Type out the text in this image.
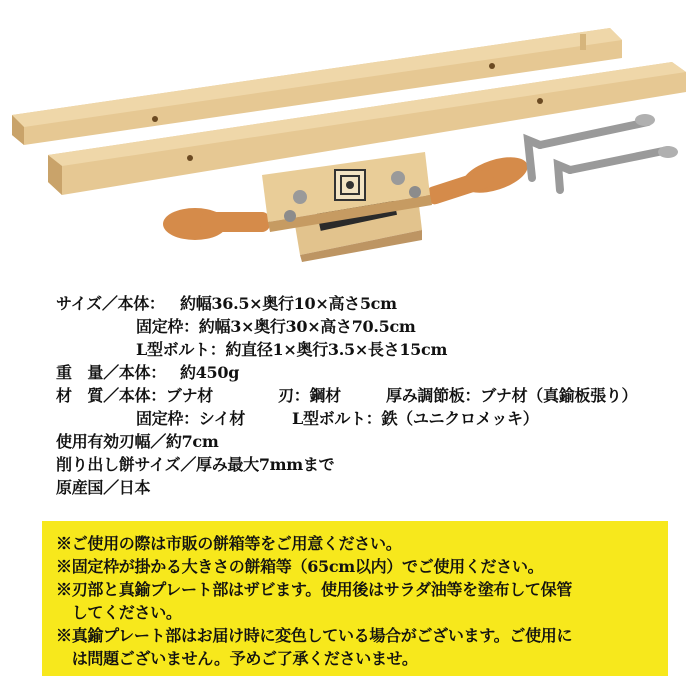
サイズ／本体： 約幅36.5×奥行10×高さ5cm
固定枠：約幅3×奥行30×高さ70.5cm
L型ボルト：約直径1×奥行3.5×長さ15cm
重　量／本体： 約450g
材　質／本体：ブナ材	刃：鋼材	厚み調節板：ブナ材（真鍮板張り）
固定枠：シイ材	L型ボルト：鉄（ユニクロメッキ）
使用有効刃幅／約7cm
削り出し餅サイズ／厚み最大7mmまで
原産国／日本
※ご使用の際は市販の餅箱等をご用意ください。
※固定枠が掛かる大きさの餅箱等（65cm以内）でご使用ください。
※刃部と真鍮プレート部はザビます。使用後はサラダ油等を塗布して保管
　してください。
※真鍮プレート部はお届け時に変色している場合がございます。ご使用に
　は問題ございません。予めご了承くださいませ。
